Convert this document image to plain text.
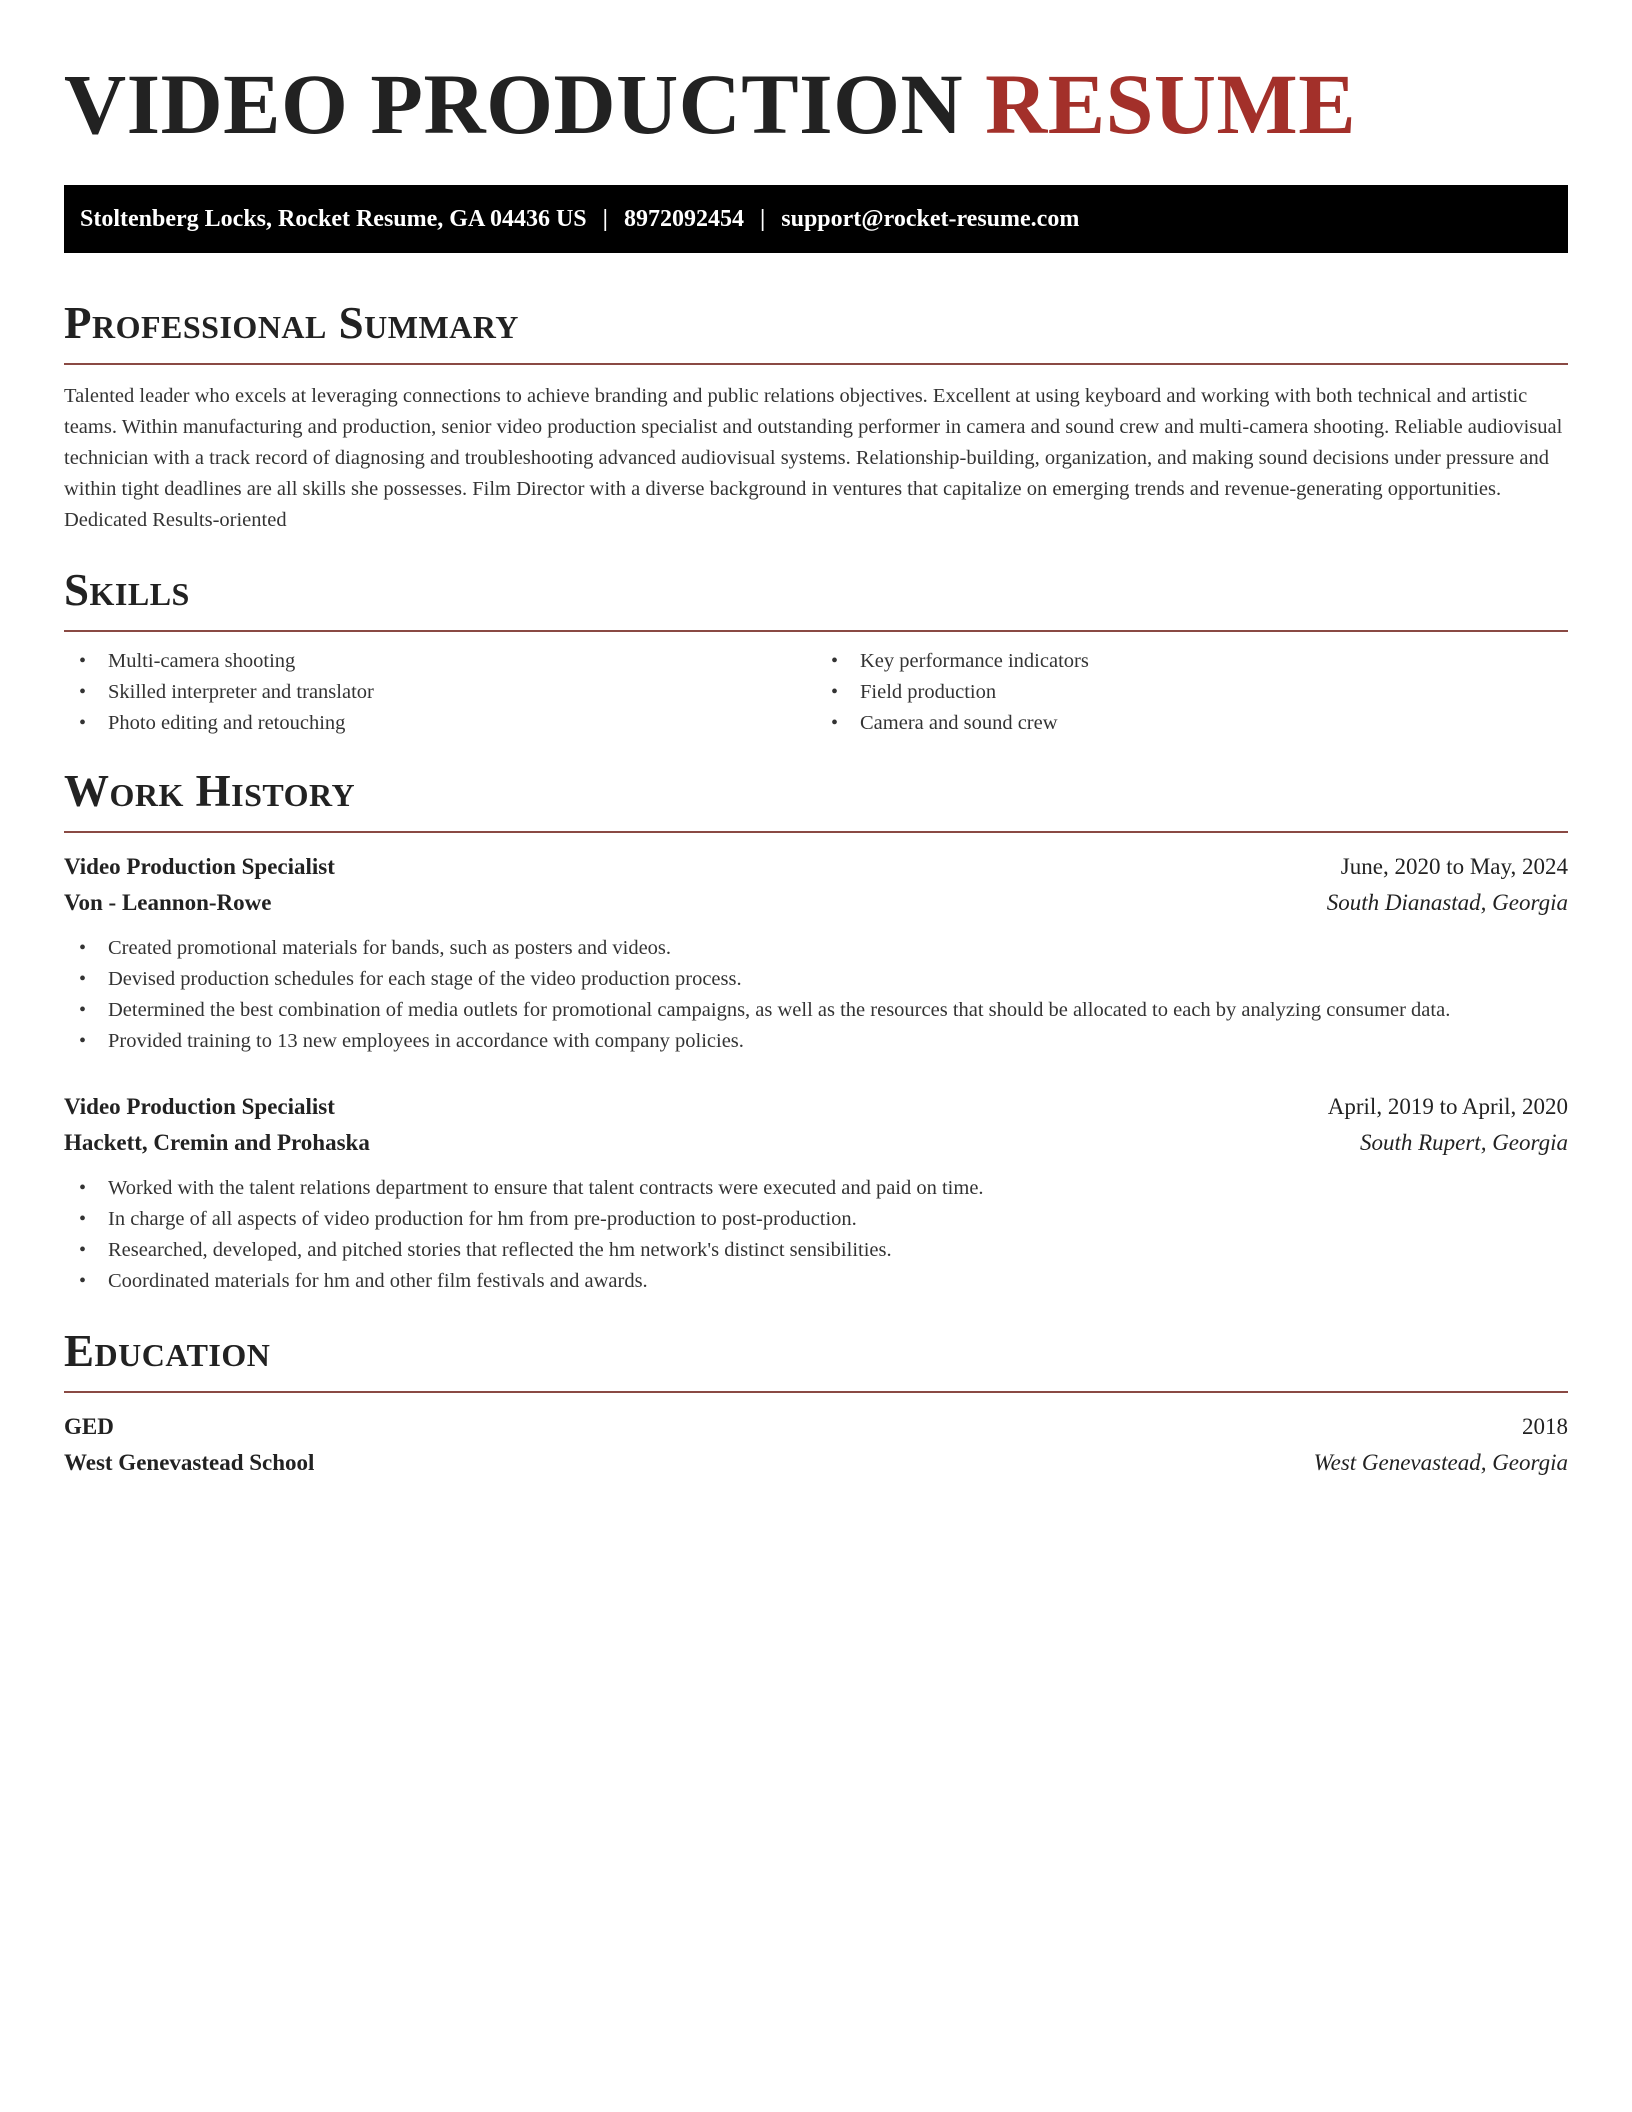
VIDEO PRODUCTION RESUME
Stoltenberg Locks, Rocket Resume, GA 04436 US | 8972092454 | support@rocket-resume.com
Professional Summary

Talented leader who excels at leveraging connections to achieve branding and public relations objectives. Excellent at using keyboard and working with both technical and artistic teams. Within manufacturing and production, senior video production specialist and outstanding performer in camera and sound crew and multi-camera shooting. Reliable audiovisual technician with a track record of diagnosing and troubleshooting advanced audiovisual systems. Relationship-building, organization, and making sound decisions under pressure and within tight deadlines are all skills she possesses. Film Director with a diverse background in ventures that capitalize on emerging trends and revenue-generating opportunities. Dedicated Results-oriented

Skills
• Multi-camera shooting
• Skilled interpreter and translator
• Photo editing and retouching
• Key performance indicators
• Field production
• Camera and sound crew
Work History
Video Production Specialist	June, 2020 to May, 2024
Von - Leannon-Rowe	South Dianastad, Georgia
• Created promotional materials for bands, such as posters and videos.
• Devised production schedules for each stage of the video production process.
• Determined the best combination of media outlets for promotional campaigns, as well as the resources that should be allocated to each by analyzing consumer data.
• Provided training to 13 new employees in accordance with company policies.
Video Production Specialist	April, 2019 to April, 2020
Hackett, Cremin and Prohaska	South Rupert, Georgia
• Worked with the talent relations department to ensure that talent contracts were executed and paid on time.
• In charge of all aspects of video production for hm from pre-production to post-production.
• Researched, developed, and pitched stories that reflected the hm network's distinct sensibilities.
• Coordinated materials for hm and other film festivals and awards.
Education
GED	2018
West Genevastead School	West Genevastead, Georgia
